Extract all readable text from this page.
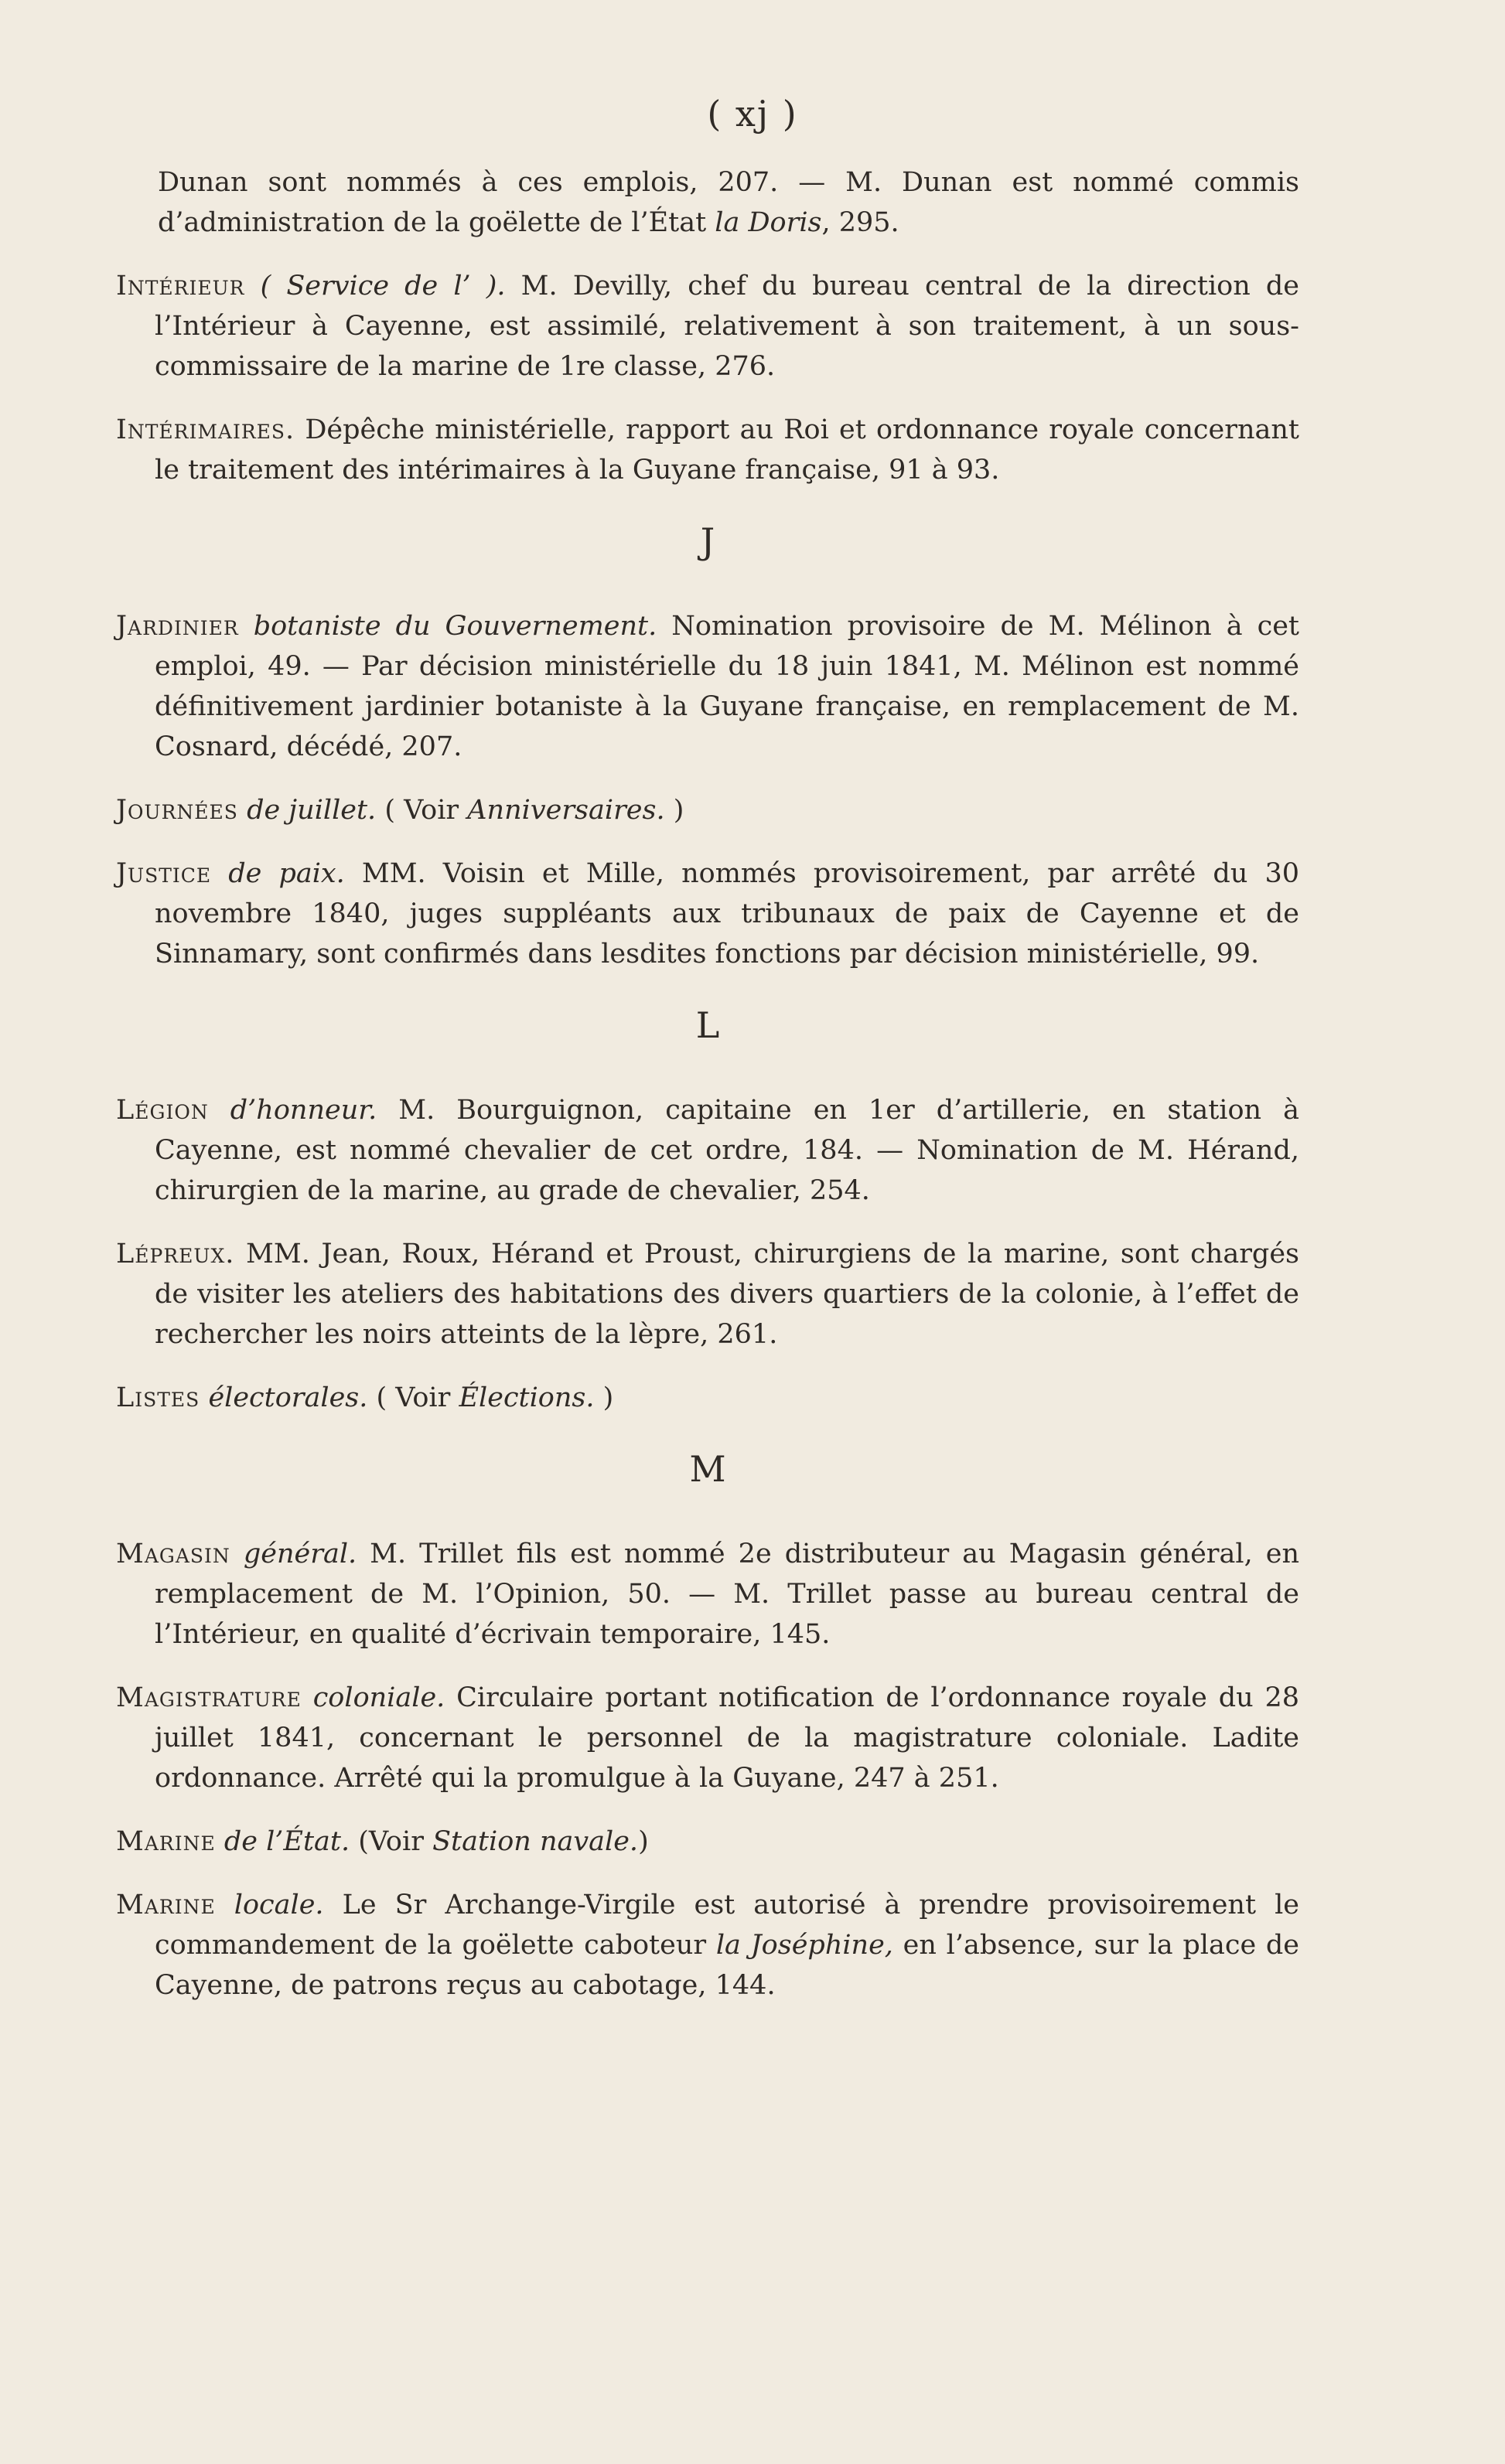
( xj )

Dunan sont nommés à ces emplois, 207. — M. Dunan est nommé commis d’administration de la goëlette de l’État la Doris, 295.

Intérieur ( Service de l’ ). M. Devilly, chef du bureau central de la direction de l’Intérieur à Cayenne, est assimilé, relativement à son traitement, à un sous-commissaire de la marine de 1re classe, 276.

Intérimaires. Dépêche ministérielle, rapport au Roi et ordonnance royale concernant le traitement des intérimaires à la Guyane française, 91 à 93.

J

Jardinier botaniste du Gouvernement. Nomination provisoire de M. Mélinon à cet emploi, 49. — Par décision ministérielle du 18 juin 1841, M. Mélinon est nommé définitivement jardinier botaniste à la Guyane française, en remplacement de M. Cosnard, décédé, 207.

Journées de juillet. ( Voir Anniversaires. )

Justice de paix. MM. Voisin et Mille, nommés provisoirement, par arrêté du 30 novembre 1840, juges suppléants aux tribunaux de paix de Cayenne et de Sinnamary, sont confirmés dans lesdites fonctions par décision ministérielle, 99.

L

Légion d’honneur. M. Bourguignon, capitaine en 1er d’artillerie, en station à Cayenne, est nommé chevalier de cet ordre, 184. — Nomination de M. Hérand, chirurgien de la marine, au grade de chevalier, 254.

Lépreux. MM. Jean, Roux, Hérand et Proust, chirurgiens de la marine, sont chargés de visiter les ateliers des habitations des divers quartiers de la colonie, à l’effet de rechercher les noirs atteints de la lèpre, 261.

Listes électorales. ( Voir Élections. )

M

Magasin général. M. Trillet fils est nommé 2e distributeur au Magasin général, en remplacement de M. l’Opinion, 50. — M. Trillet passe au bureau central de l’Intérieur, en qualité d’écrivain temporaire, 145.

Magistrature coloniale. Circulaire portant notification de l’ordonnance royale du 28 juillet 1841, concernant le personnel de la magistrature coloniale. Ladite ordonnance. Arrêté qui la promulgue à la Guyane, 247 à 251.

Marine de l’État. (Voir Station navale.)

Marine locale. Le Sr Archange-Virgile est autorisé à prendre provisoirement le commandement de la goëlette caboteur la Joséphine, en l’absence, sur la place de Cayenne, de patrons reçus au cabotage, 144.
